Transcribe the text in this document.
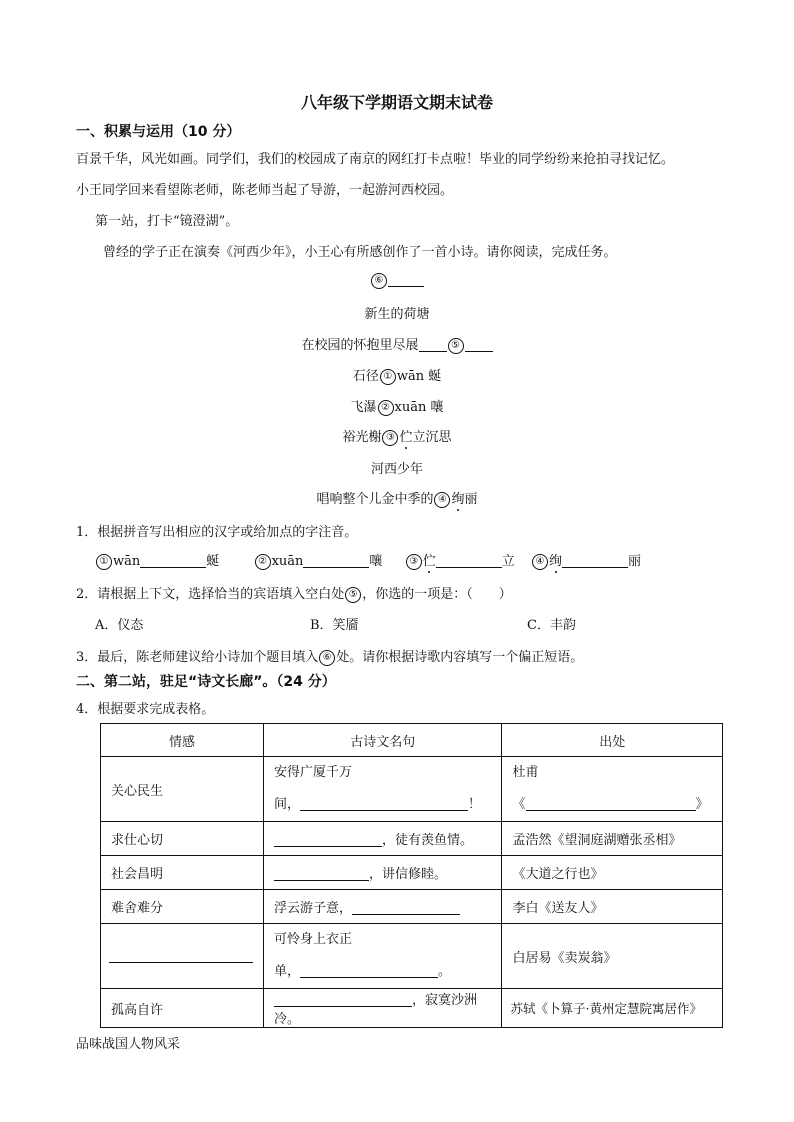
八年级下学期语文期末试卷
一、积累与运用（10 分）
百景千华，风光如画。同学们，我们的校园成了南京的网红打卡点啦！毕业的同学纷纷来抢拍寻找记忆。
小王同学回来看望陈老师，陈老师当起了导游，一起游河西校园。
第一站，打卡“镜澄湖”。
曾经的学子正在演奏《河西少年》，小王心有所感创作了一首小诗。请你阅读，完成任务。
⑥
新生的荷塘
在校园的怀抱里尽展	⑤
石径 ① wān 蜒
飞瀑 ② xuān 嚷
裕光榭 ③ 伫立沉思
河西少年
唱响整个儿金中季的 ④ 绚丽
1．根据拼音写出相应的汉字或给加点的字注音。
① wān	蜒	② xuān	嚷	③ 伫	立 ④ 绚	丽
2．请根据上下文，选择恰当的宾语填入空白处 ⑤ ，你选的一项是：（　　）
A．仪态	B．笑靥	C．丰韵
3．最后，陈老师建议给小诗加个题目填入 ⑥ 处。请你根据诗歌内容填写一个偏正短语。
二、第二站，驻足“诗文长廊”。（24 分）
4．根据要求完成表格。
情感	古诗文名句	出处
关心民生	安得广厦千万
间， ！	杜甫
《 》

求仕心切	，徒有羡鱼情。	孟浩然《望洞庭湖赠张丞相》
社会昌明	，讲信修睦。	《大道之行也》
难舍难分	浮云游子意，	李白《送友人》

	可怜身上衣正
单， 。	白居易《卖炭翁》
孤高自许	，寂寞沙洲冷。	苏轼《卜算子·黄州定慧院寓居作》
品味战国人物风采
